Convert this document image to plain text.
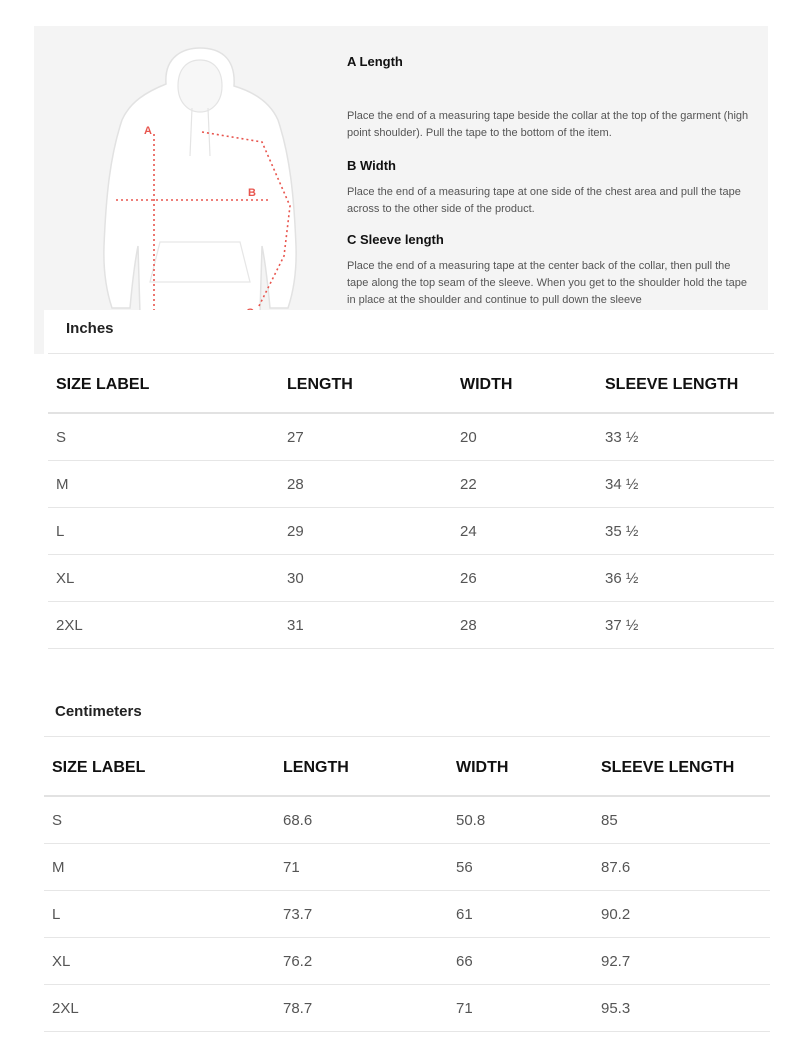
A
B
C
A Length

Place the end of a measuring tape beside the collar at the top of the garment (high point shoulder). Pull the tape to the bottom of the item.

B Width

Place the end of a measuring tape at one side of the chest area and pull the tape across to the other side of the product.

C Sleeve length

Place the end of a measuring tape at the center back of the collar, then pull the tape along the top seam of the sleeve. When you get to the shoulder hold the tape in place at the shoulder and continue to pull down the sleeve

Inches
SIZE LABEL	LENGTH	WIDTH	SLEEVE LENGTH
S	27	20	33 ½
M	28	22	34 ½
L	29	24	35 ½
XL	30	26	36 ½
2XL	31	28	37 ½
Centimeters
SIZE LABEL	LENGTH	WIDTH	SLEEVE LENGTH
S	68.6	50.8	85
M	71	56	87.6
L	73.7	61	90.2
XL	76.2	66	92.7
2XL	78.7	71	95.3
